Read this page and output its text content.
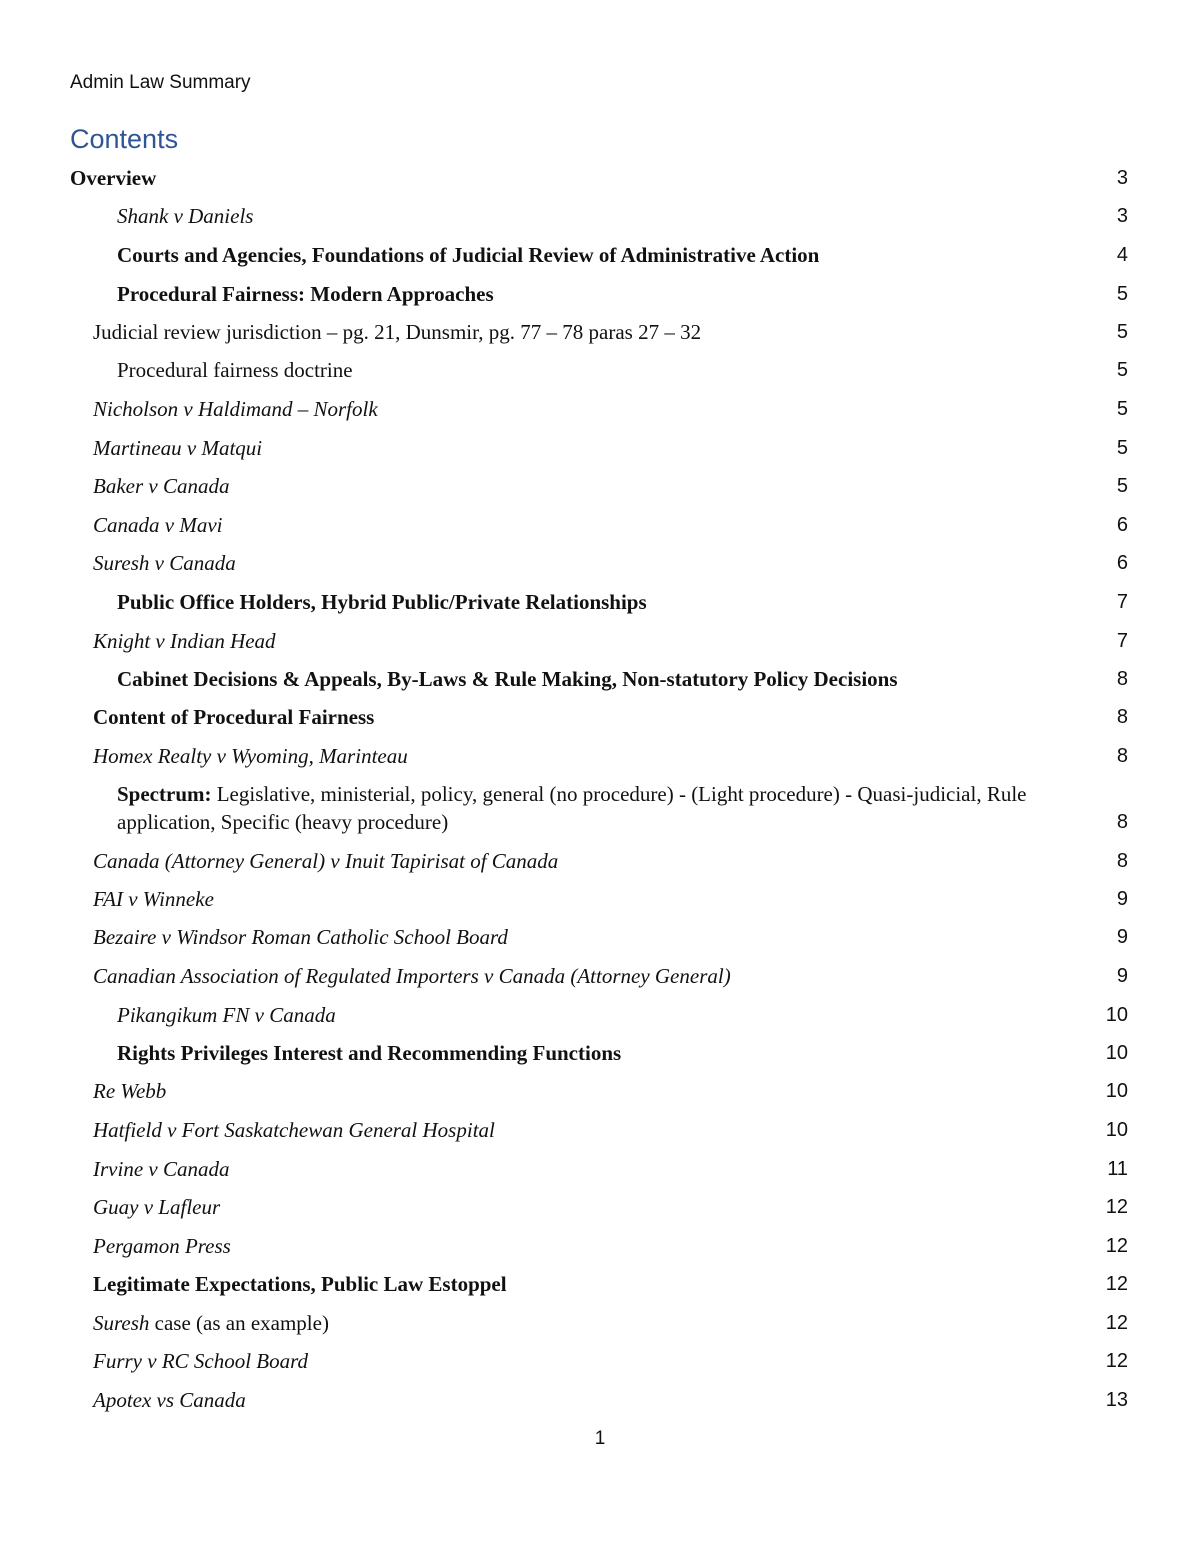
Admin Law Summary
Contents
Overview	3
Shank v Daniels	3
Courts and Agencies, Foundations of Judicial Review of Administrative Action	4
Procedural Fairness: Modern Approaches	5
Judicial review jurisdiction – pg. 21, Dunsmir, pg. 77 – 78 paras 27 – 32	5
Procedural fairness doctrine	5
Nicholson v Haldimand – Norfolk	5
Martineau v Matqui	5
Baker v Canada	5
Canada v Mavi	6
Suresh v Canada	6
Public Office Holders, Hybrid Public/Private Relationships	7
Knight v Indian Head	7
Cabinet Decisions & Appeals, By-Laws & Rule Making, Non-statutory Policy Decisions	8
Content of Procedural Fairness	8
Homex Realty v Wyoming, Marinteau	8
Spectrum: Legislative, ministerial, policy, general (no procedure) - (Light procedure) - Quasi-judicial, Rule application, Specific (heavy procedure)	8
Canada (Attorney General) v Inuit Tapirisat of Canada	8
FAI v Winneke	9
Bezaire v Windsor Roman Catholic School Board	9
Canadian Association of Regulated Importers v Canada (Attorney General)	9
Pikangikum FN v Canada	10
Rights Privileges Interest and Recommending Functions	10
Re Webb	10
Hatfield v Fort Saskatchewan General Hospital	10
Irvine v Canada	11
Guay v Lafleur	12
Pergamon Press	12
Legitimate Expectations, Public Law Estoppel	12
Suresh case (as an example)	12
Furry v RC School Board	12
Apotex vs Canada	13
1
